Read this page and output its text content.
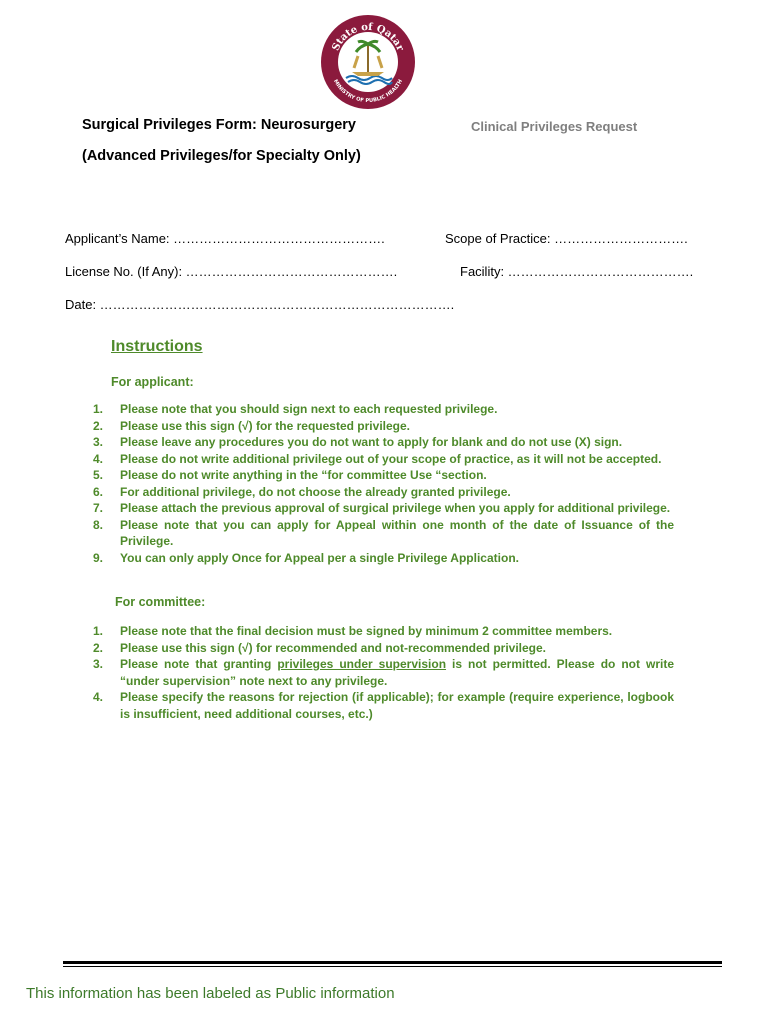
State of Qatar
MINISTRY OF PUBLIC HEALTH
Surgical Privileges Form: Neurosurgery
(Advanced Privileges/for Specialty Only)
Clinical Privileges Request
Applicant’s Name: ………………………………………….	Scope of Practice: ………………………….
License No. (If Any): ………………………………………….	Facility: …………………………………….
Date: ……………………………………………………………………….
Instructions
For applicant:
1. Please note that you should sign next to each requested privilege.
2. Please use this sign (√) for the requested privilege.
3. Please leave any procedures you do not want to apply for blank and do not use (X) sign.
4. Please do not write additional privilege out of your scope of practice, as it will not be accepted.
5. Please do not write anything in the “for committee Use “section.
6. For additional privilege, do not choose the already granted privilege.
7. Please attach the previous approval of surgical privilege when you apply for additional privilege.
8. Please note that you can apply for Appeal within one month of the date of Issuance of the Privilege.
9. You can only apply Once for Appeal per a single Privilege Application.
For committee:
1. Please note that the final decision must be signed by minimum 2 committee members.
2. Please use this sign (√) for recommended and not-recommended privilege.
3. Please note that granting privileges under supervision is not permitted. Please do not write “under supervision” note next to any privilege.
4. Please specify the reasons for rejection (if applicable); for example (require experience, logbook is insufficient, need additional courses, etc.)
This information has been labeled as Public information
